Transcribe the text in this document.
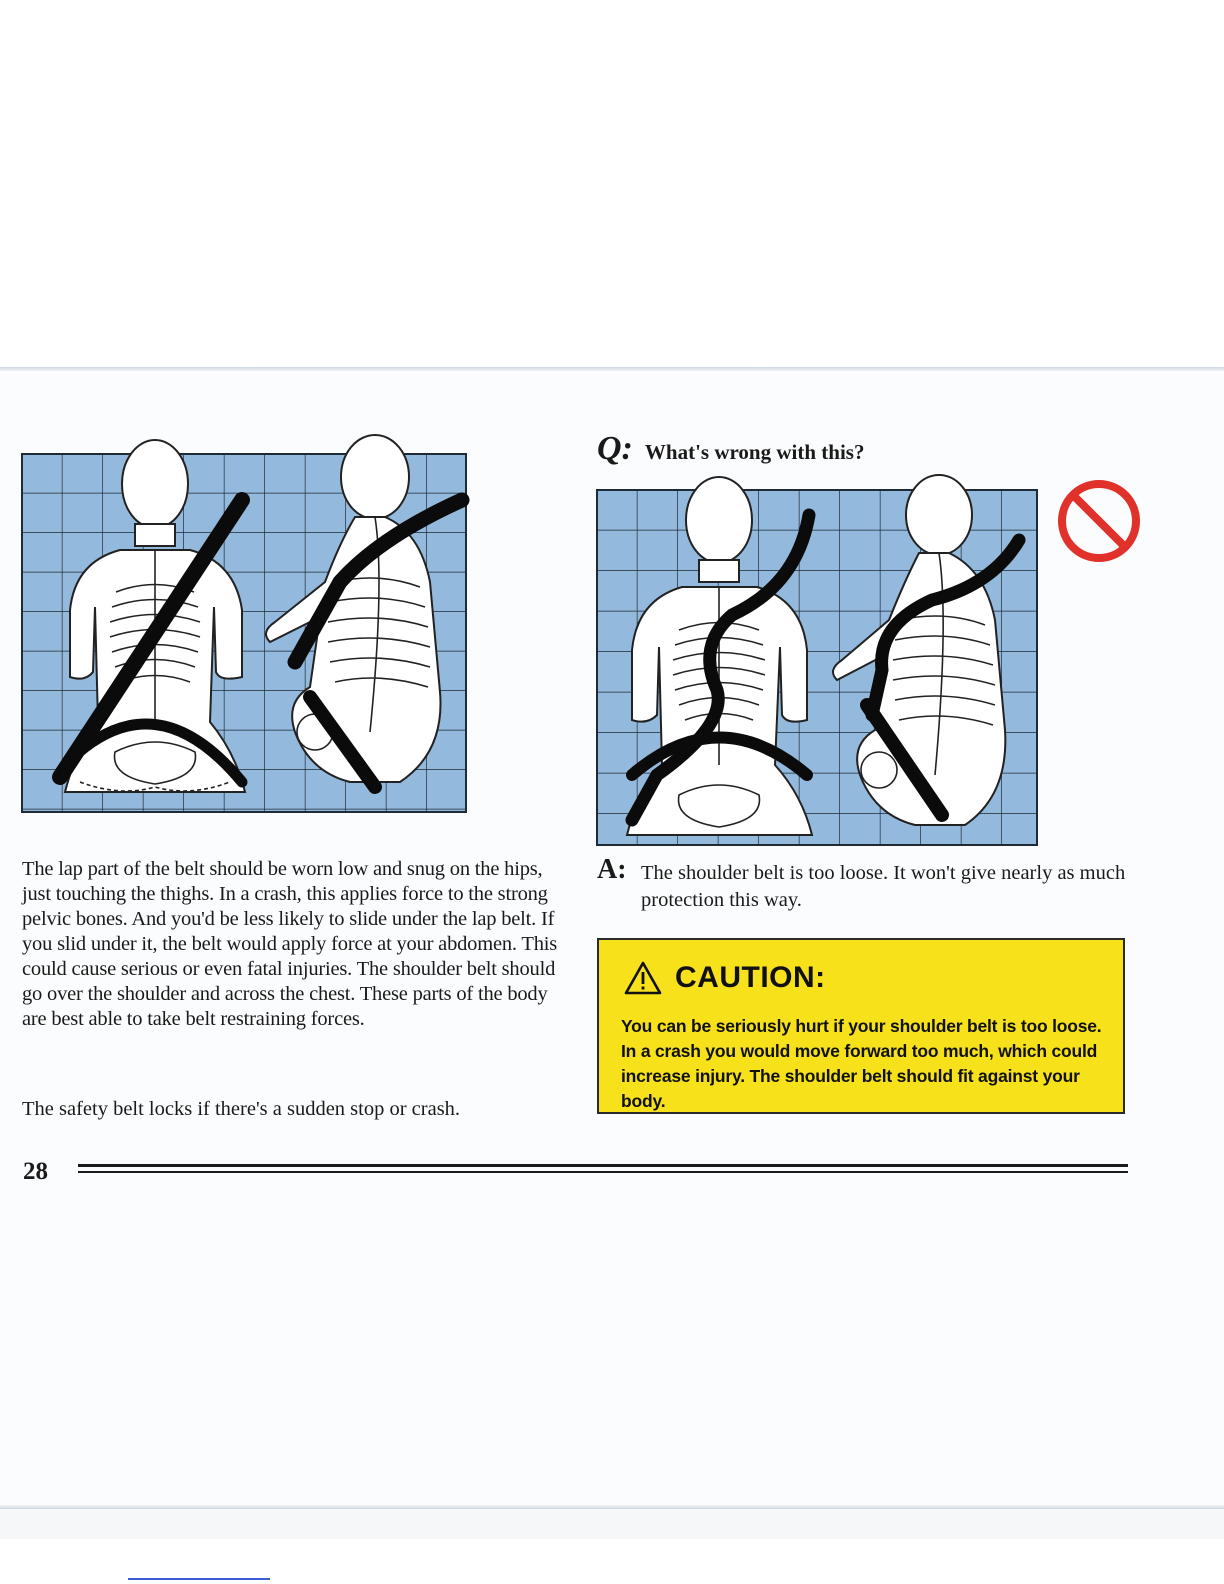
The lap part of the belt should be worn low and snug on the hips, just touching the thighs. In a crash, this applies force to the strong pelvic bones. And you'd be less likely to slide under the lap belt. If you slid under it, the belt would apply force at your abdomen. This could cause serious or even fatal injuries. The shoulder belt should go over the shoulder and across the chest. These parts of the body are best able to take belt restraining forces.

The safety belt locks if there's a sudden stop or crash.

Q: What's wrong with this?
A: The shoulder belt is too loose. It won't give nearly as much protection this way.
CAUTION:
You can be seriously hurt if your shoulder belt is too loose. In a crash you would move forward too much, which could increase injury. The shoulder belt should fit against your body.
28
